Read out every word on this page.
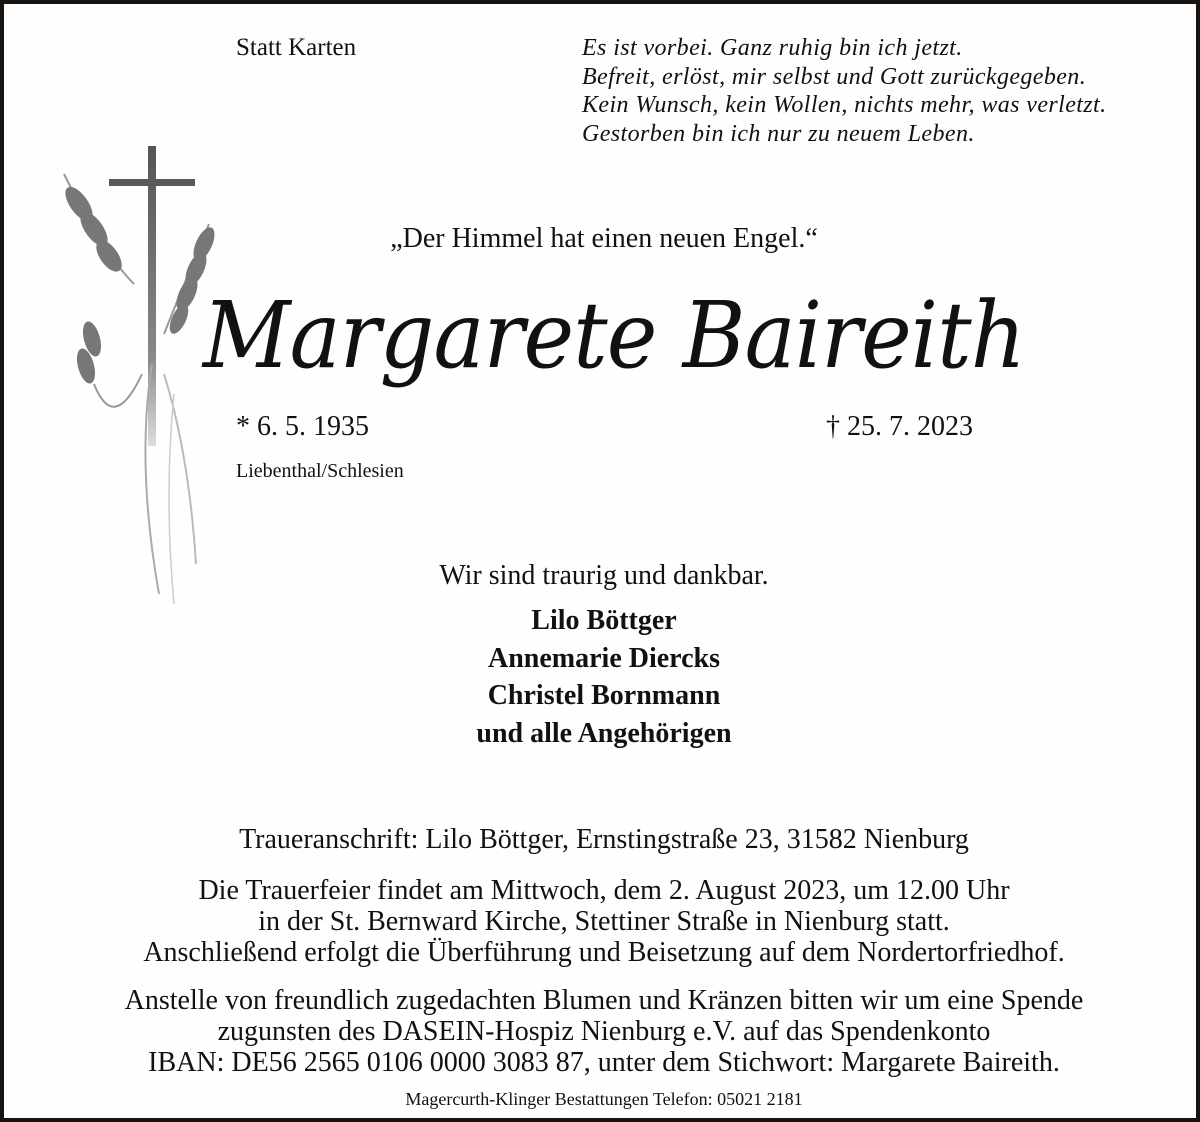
Statt Karten	Es ist vorbei. Ganz ruhig bin ich jetzt.
Befreit, erlöst, mir selbst und Gott zurückgegeben.
Kein Wunsch, kein Wollen, nichts mehr, was verletzt.
Gestorben bin ich nur zu neuem Leben.
„Der Himmel hat einen neuen Engel.“
Margarete Baireith
* 6. 5. 1935	† 25. 7. 2023
Liebenthal/Schlesien
Wir sind traurig und dankbar.
Lilo Böttger
Annemarie Diercks
Christel Bornmann
und alle Angehörigen
Traueranschrift: Lilo Böttger, Ernstingstraße 23, 31582 Nienburg
Die Trauerfeier findet am Mittwoch, dem 2. August 2023, um 12.00 Uhr
in der St. Bernward Kirche, Stettiner Straße in Nienburg statt.
Anschließend erfolgt die Überführung und Beisetzung auf dem Nordertorfriedhof.
Anstelle von freundlich zugedachten Blumen und Kränzen bitten wir um eine Spende
zugunsten des DASEIN-Hospiz Nienburg e.V. auf das Spendenkonto
IBAN: DE56 2565 0106 0000 3083 87, unter dem Stichwort: Margarete Baireith.
Magercurth-Klinger Bestattungen Telefon: 05021 2181
